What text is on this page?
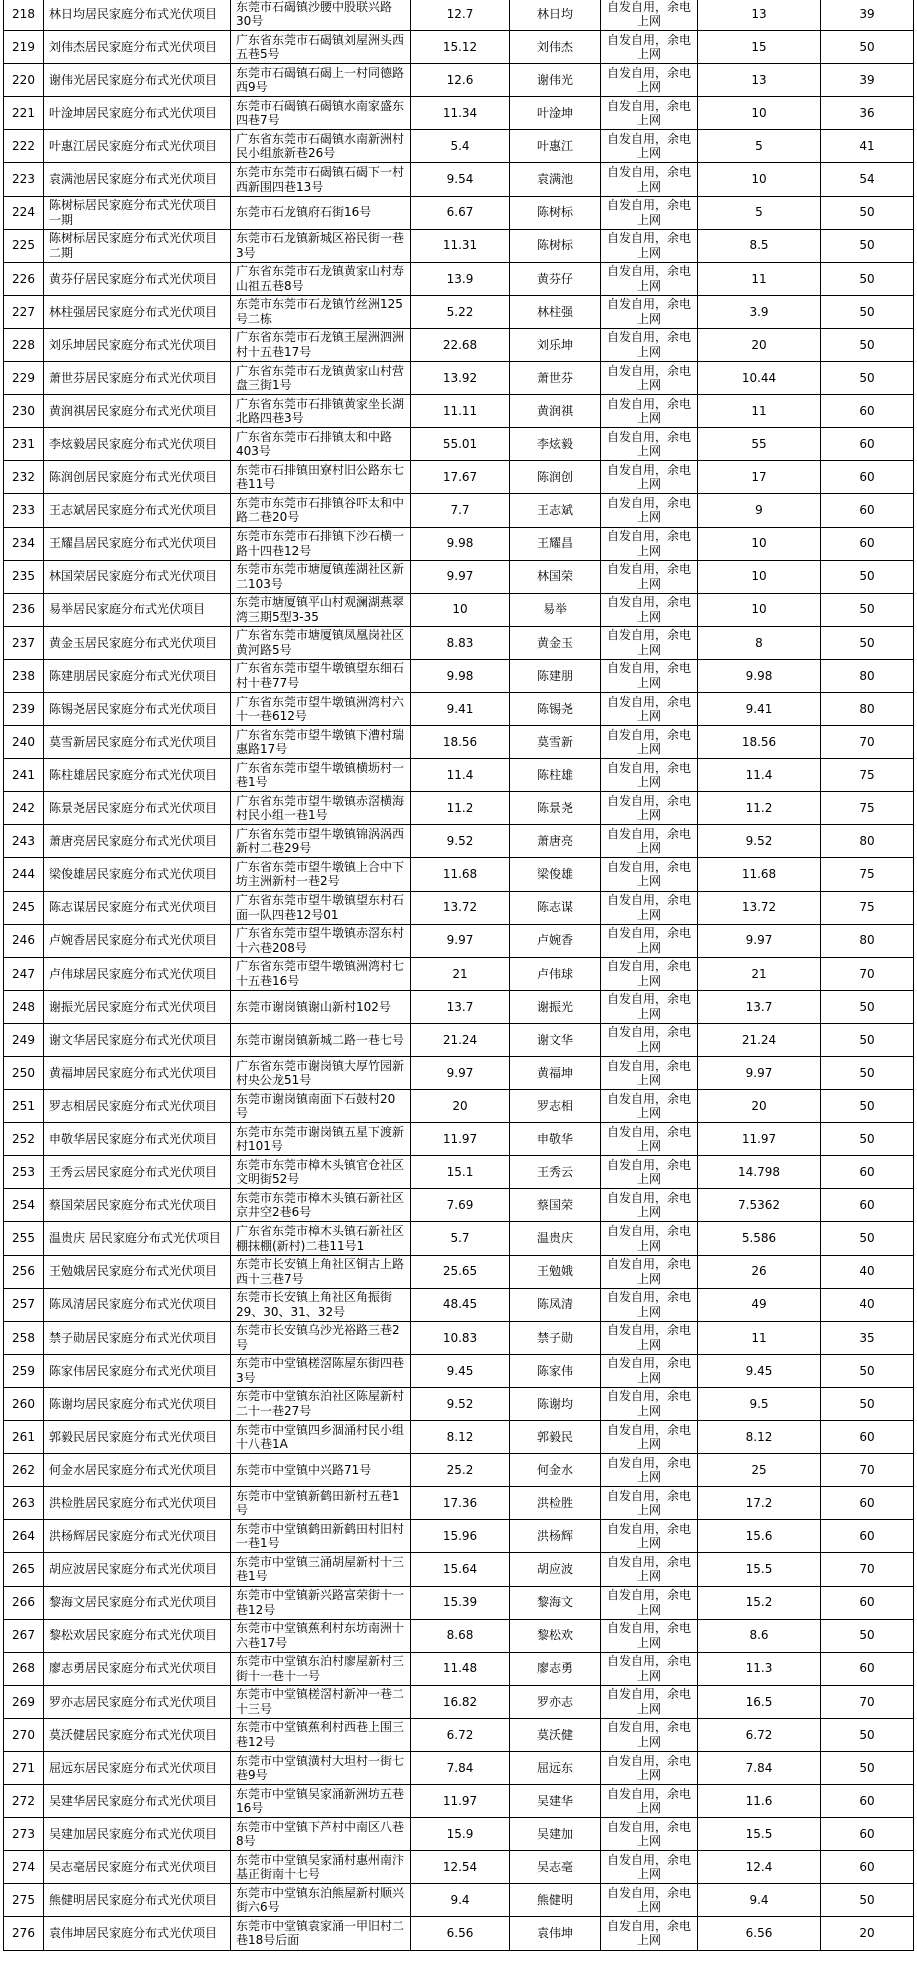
218	林日均居民家庭分布式光伏项目	东莞市石碣镇沙腰中股联兴路30号	12.7	林日均	自发自用，余电上网	13	39
219	刘伟杰居民家庭分布式光伏项目	广东省东莞市石碣镇刘屋洲头西五巷5号	15.12	刘伟杰	自发自用，余电上网	15	50
220	谢伟光居民家庭分布式光伏项目	东莞市石碣镇石碣上一村同德路西9号	12.6	谢伟光	自发自用，余电上网	13	39
221	叶淦坤居民家庭分布式光伏项目	东莞市石碣镇石碣镇水南家盛东四巷7号	11.34	叶淦坤	自发自用，余电上网	10	36
222	叶惠江居民家庭分布式光伏项目	广东省东莞市石碣镇水南新洲村民小组旅新巷26号	5.4	叶惠江	自发自用，余电上网	5	41
223	袁满池居民家庭分布式光伏项目	东莞市东莞市石碣镇石碣下一村西新围四巷13号	9.54	袁满池	自发自用，余电上网	10	54
224	陈树标居民家庭分布式光伏项目一期	东莞市石龙镇府石街16号	6.67	陈树标	自发自用，余电上网	5	50
225	陈树标居民家庭分布式光伏项目二期	东莞市石龙镇新城区裕民街一巷3号	11.31	陈树标	自发自用，余电上网	8.5	50
226	黄芬仔居民家庭分布式光伏项目	广东省东莞市石龙镇黄家山村寿山祖五巷8号	13.9	黄芬仔	自发自用，余电上网	11	50
227	林柱强居民家庭分布式光伏项目	东莞市东莞市石龙镇竹丝洲125号二栋	5.22	林柱强	自发自用，余电上网	3.9	50
228	刘乐坤居民家庭分布式光伏项目	广东省东莞市石龙镇王屋洲泗洲村十五巷17号	22.68	刘乐坤	自发自用，余电上网	20	50
229	萧世芬居民家庭分布式光伏项目	广东省东莞市石龙镇黄家山村营盘三街1号	13.92	萧世芬	自发自用，余电上网	10.44	50
230	黄润祺居民家庭分布式光伏项目	广东省东莞市石排镇黄家坐长湖北路四巷3号	11.11	黄润祺	自发自用，余电上网	11	60
231	李炫毅居民家庭分布式光伏项目	广东省东莞市石排镇太和中路403号	55.01	李炫毅	自发自用，余电上网	55	60
232	陈润创居民家庭分布式光伏项目	东莞市石排镇田寮村旧公路东七巷11号	17.67	陈润创	自发自用，余电上网	17	60
233	王志斌居民家庭分布式光伏项目	东莞市东莞市石排镇谷吓太和中路二巷20号	7.7	王志斌	自发自用，余电上网	9	60
234	王耀昌居民家庭分布式光伏项目	东莞市东莞市石排镇下沙石横一路十四巷12号	9.98	王耀昌	自发自用，余电上网	10	60
235	林国荣居民家庭分布式光伏项目	东莞市东莞市塘厦镇莲湖社区新二103号	9.97	林国荣	自发自用，余电上网	10	50
236	易举居民家庭分布式光伏项目	东莞市塘厦镇平山村观澜湖燕翠湾三期5型3-35	10	易举	自发自用，余电上网	10	50
237	黄金玉居民家庭分布式光伏项目	广东省东莞市塘厦镇凤凰岗社区黄河路5号	8.83	黄金玉	自发自用，余电上网	8	50
238	陈建朋居民家庭分布式光伏项目	广东省东莞市望牛墩镇望东细石村十巷77号	9.98	陈建朋	自发自用，余电上网	9.98	80
239	陈锡尧居民家庭分布式光伏项目	广东省东莞市望牛墩镇洲湾村六十一巷612号	9.41	陈锡尧	自发自用，余电上网	9.41	80
240	莫雪新居民家庭分布式光伏项目	广东省东莞市望牛墩镇下漕村瑞惠路17号	18.56	莫雪新	自发自用，余电上网	18.56	70
241	陈柱雄居民家庭分布式光伏项目	广东省东莞市望牛墩镇横坜村一巷1号	11.4	陈柱雄	自发自用，余电上网	11.4	75
242	陈景尧居民家庭分布式光伏项目	广东省东莞市望牛墩镇赤滘横海村民小组一巷1号	11.2	陈景尧	自发自用，余电上网	11.2	75
243	萧唐亮居民家庭分布式光伏项目	广东省东莞市望牛墩镇锦涡涡西新村二巷29号	9.52	萧唐亮	自发自用，余电上网	9.52	80
244	梁俊雄居民家庭分布式光伏项目	广东省东莞市望牛墩镇上合中下坊主洲新村一巷2号	11.68	梁俊雄	自发自用，余电上网	11.68	75
245	陈志谋居民家庭分布式光伏项目	广东省东莞市望牛墩镇望东村石面一队四巷12号01	13.72	陈志谋	自发自用，余电上网	13.72	75
246	卢婉香居民家庭分布式光伏项目	广东省东莞市望牛墩镇赤滘东村十六巷208号	9.97	卢婉香	自发自用，余电上网	9.97	80
247	卢伟球居民家庭分布式光伏项目	广东省东莞市望牛墩镇洲湾村七十五巷16号	21	卢伟球	自发自用，余电上网	21	70
248	谢振光居民家庭分布式光伏项目	东莞市谢岗镇谢山新村102号	13.7	谢振光	自发自用，余电上网	13.7	50
249	谢文华居民家庭分布式光伏项目	东莞市谢岗镇新城二路一巷七号	21.24	谢文华	自发自用，余电上网	21.24	50
250	黄福坤居民家庭分布式光伏项目	广东省东莞市谢岗镇大厚竹园新村央公龙51号	9.97	黄福坤	自发自用，余电上网	9.97	50
251	罗志相居民家庭分布式光伏项目	东莞市谢岗镇南面下石鼓村20号	20	罗志相	自发自用，余电上网	20	50
252	申敬华居民家庭分布式光伏项目	东莞市东莞市谢岗镇五星下渡新村101号	11.97	申敬华	自发自用，余电上网	11.97	50
253	王秀云居民家庭分布式光伏项目	东莞市东莞市樟木头镇官仓社区文明街52号	15.1	王秀云	自发自用，余电上网	14.798	60
254	蔡国荣居民家庭分布式光伏项目	东莞市东莞市樟木头镇石新社区京井空2巷6号	7.69	蔡国荣	自发自用，余电上网	7.5362	60
255	温贵庆 居民家庭分布式光伏项目	广东省东莞市樟木头镇石新社区棚抹棚(新村)二巷11号1	5.7	温贵庆	自发自用，余电上网	5.586	50
256	王勉娥居民家庭分布式光伏项目	东莞市长安镇上角社区铜古上路西十三巷7号	25.65	王勉娥	自发自用，余电上网	26	40
257	陈凤清居民家庭分布式光伏项目	东莞市长安镇上角社区角振街29、30、31、32号	48.45	陈凤清	自发自用，余电上网	49	40
258	禁子勋居民家庭分布式光伏项目	东莞市长安镇乌沙光裕路三巷2号	10.83	禁子勋	自发自用，余电上网	11	35
259	陈家伟居民家庭分布式光伏项目	东莞市中堂镇槎滘陈屋东街四巷3号	9.45	陈家伟	自发自用，余电上网	9.45	50
260	陈谢均居民家庭分布式光伏项目	东莞市中堂镇东泊社区陈屋新村二十一巷27号	9.52	陈谢均	自发自用，余电上网	9.5	50
261	郭毅民居民家庭分布式光伏项目	东莞市中堂镇四乡涸涌村民小组十八巷1A	8.12	郭毅民	自发自用，余电上网	8.12	60
262	何金水居民家庭分布式光伏项目	东莞市中堂镇中兴路71号	25.2	何金水	自发自用，余电上网	25	70
263	洪检胜居民家庭分布式光伏项目	东莞市中堂镇新鹤田新村五巷1号	17.36	洪检胜	自发自用，余电上网	17.2	60
264	洪杨辉居民家庭分布式光伏项目	东莞市中堂镇鹤田新鹤田村旧村一巷1号	15.96	洪杨辉	自发自用，余电上网	15.6	60
265	胡应波居民家庭分布式光伏项目	东莞市中堂镇三涌胡屋新村十三巷1号	15.64	胡应波	自发自用，余电上网	15.5	70
266	黎海文居民家庭分布式光伏项目	东莞市中堂镇新兴路富荣街十一巷12号	15.39	黎海文	自发自用，余电上网	15.2	60
267	黎松欢居民家庭分布式光伏项目	东莞市中堂镇蕉利村东坊南洲十六巷17号	8.68	黎松欢	自发自用，余电上网	8.6	50
268	廖志勇居民家庭分布式光伏项目	东莞市中堂镇东泊村廖屋新村三街十一巷十一号	11.48	廖志勇	自发自用，余电上网	11.3	60
269	罗亦志居民家庭分布式光伏项目	东莞市中堂镇槎滘村新冲一巷二十三号	16.82	罗亦志	自发自用，余电上网	16.5	70
270	莫沃健居民家庭分布式光伏项目	东莞市中堂镇蕉利村西巷上围三巷12号	6.72	莫沃健	自发自用，余电上网	6.72	50
271	屈远东居民家庭分布式光伏项目	东莞市中堂镇潢村大坦村一街七巷9号	7.84	屈远东	自发自用，余电上网	7.84	50
272	吴建华居民家庭分布式光伏项目	东莞市中堂镇吴家涌新洲坊五巷16号	11.97	吴建华	自发自用，余电上网	11.6	60
273	吴建加居民家庭分布式光伏项目	东莞市中堂镇下芦村中南区八巷8号	15.9	吴建加	自发自用，余电上网	15.5	60
274	吴志毫居民家庭分布式光伏项目	东莞市中堂镇吴家涌村惠州南汴基正街南十七号	12.54	吴志毫	自发自用，余电上网	12.4	60
275	熊健明居民家庭分布式光伏项目	东莞市中堂镇东泊熊屋新村顺兴街六6号	9.4	熊健明	自发自用，余电上网	9.4	50
276	袁伟坤居民家庭分布式光伏项目	东莞市中堂镇袁家涌一甲旧村二巷18号后面	6.56	袁伟坤	自发自用，余电上网	6.56	20
